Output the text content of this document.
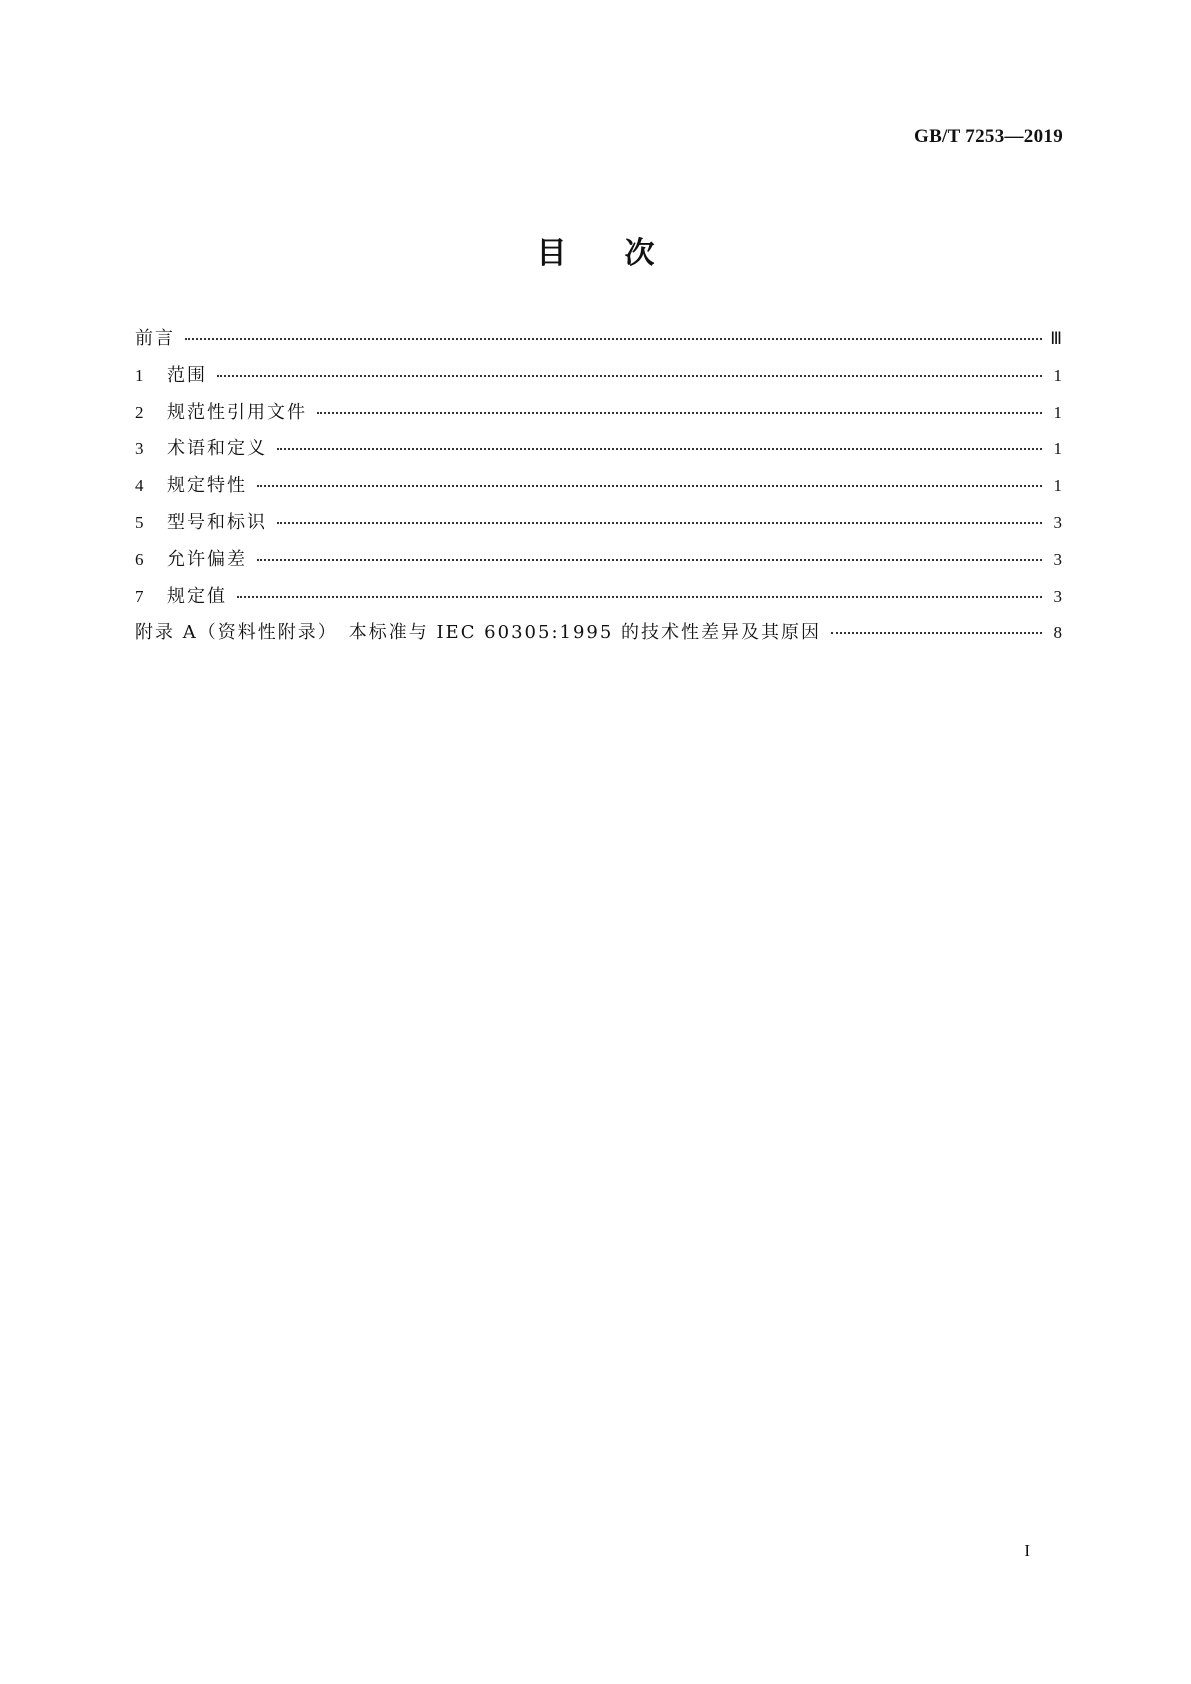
GB/T 7253—2019
目次
前言	Ⅲ
1	范围	1
2	规范性引用文件	1
3	术语和定义	1
4	规定特性	1
5	型号和标识	3
6	允许偏差	3
7	规定值	3
附录 A（资料性附录）　本标准与 IEC 60305:1995 的技术性差异及其原因	8
I
